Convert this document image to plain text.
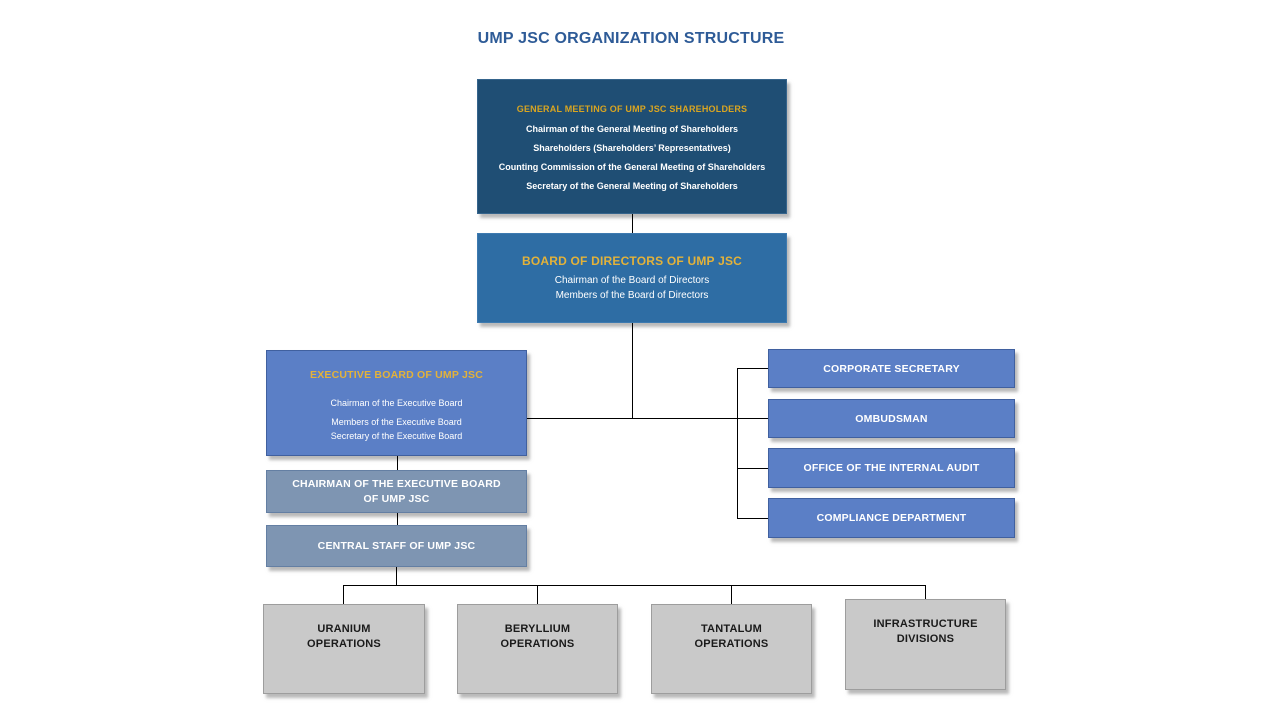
UMP JSC ORGANIZATION STRUCTURE
GENERAL MEETING OF UMP JSC SHAREHOLDERS
Chairman of the General Meeting of Shareholders
Shareholders (Shareholders’ Representatives)
Counting Commission of the General Meeting of Shareholders
Secretary of the General Meeting of Shareholders
BOARD OF DIRECTORS OF UMP JSC
Chairman of the Board of Directors
Members of the Board of Directors
EXECUTIVE BOARD OF UMP JSC
Chairman of the Executive Board
Members of the Executive Board
Secretary of the Executive Board
CORPORATE SECRETARY
OMBUDSMAN
OFFICE OF THE INTERNAL AUDIT
COMPLIANCE DEPARTMENT
CHAIRMAN OF THE EXECUTIVE BOARD OF UMP JSC
CENTRAL STAFF OF UMP JSC
URANIUM OPERATIONS
BERYLLIUM OPERATIONS
TANTALUM OPERATIONS
INFRASTRUCTURE DIVISIONS
